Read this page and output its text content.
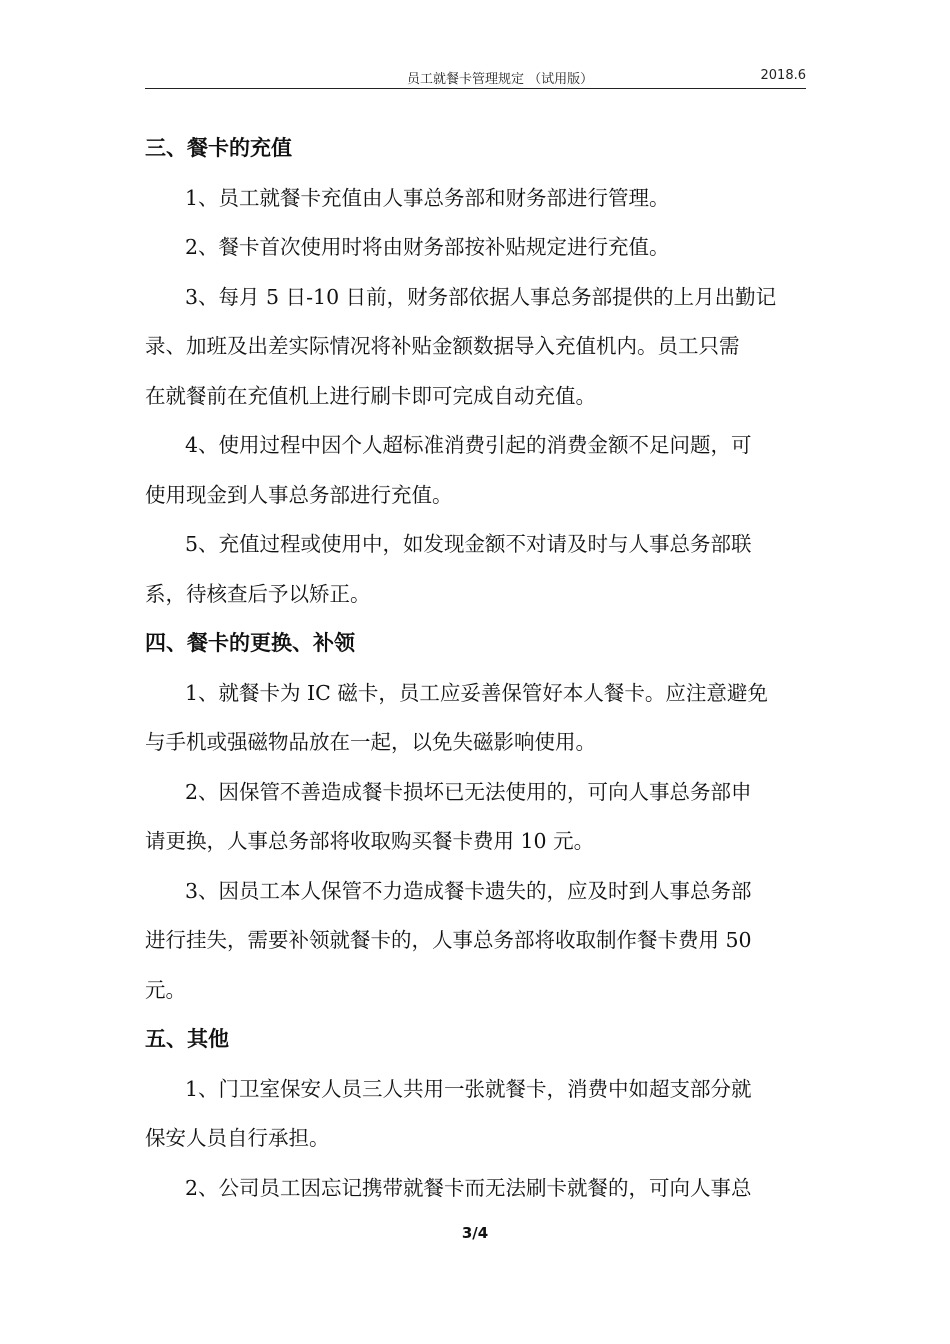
员工就餐卡管理规定 （试用版）	2018.6
三、餐卡的充值
1、员工就餐卡充值由人事总务部和财务部进行管理。
2、餐卡首次使用时将由财务部按补贴规定进行充值。
3、每月 5 日-10 日前，财务部依据人事总务部提供的上月出勤记
录、加班及出差实际情况将补贴金额数据导入充值机内。员工只需
在就餐前在充值机上进行刷卡即可完成自动充值。
4、使用过程中因个人超标准消费引起的消费金额不足问题，可
使用现金到人事总务部进行充值。
5、充值过程或使用中，如发现金额不对请及时与人事总务部联
系，待核查后予以矫正。
四、餐卡的更换、补领
1、就餐卡为 IC 磁卡，员工应妥善保管好本人餐卡。应注意避免
与手机或强磁物品放在一起，以免失磁影响使用。
2、因保管不善造成餐卡损坏已无法使用的，可向人事总务部申
请更换，人事总务部将收取购买餐卡费用 10 元。
3、因员工本人保管不力造成餐卡遗失的，应及时到人事总务部
进行挂失，需要补领就餐卡的，人事总务部将收取制作餐卡费用 50
元。
五、其他
1、门卫室保安人员三人共用一张就餐卡，消费中如超支部分就
保安人员自行承担。
2、公司员工因忘记携带就餐卡而无法刷卡就餐的，可向人事总
3/4
